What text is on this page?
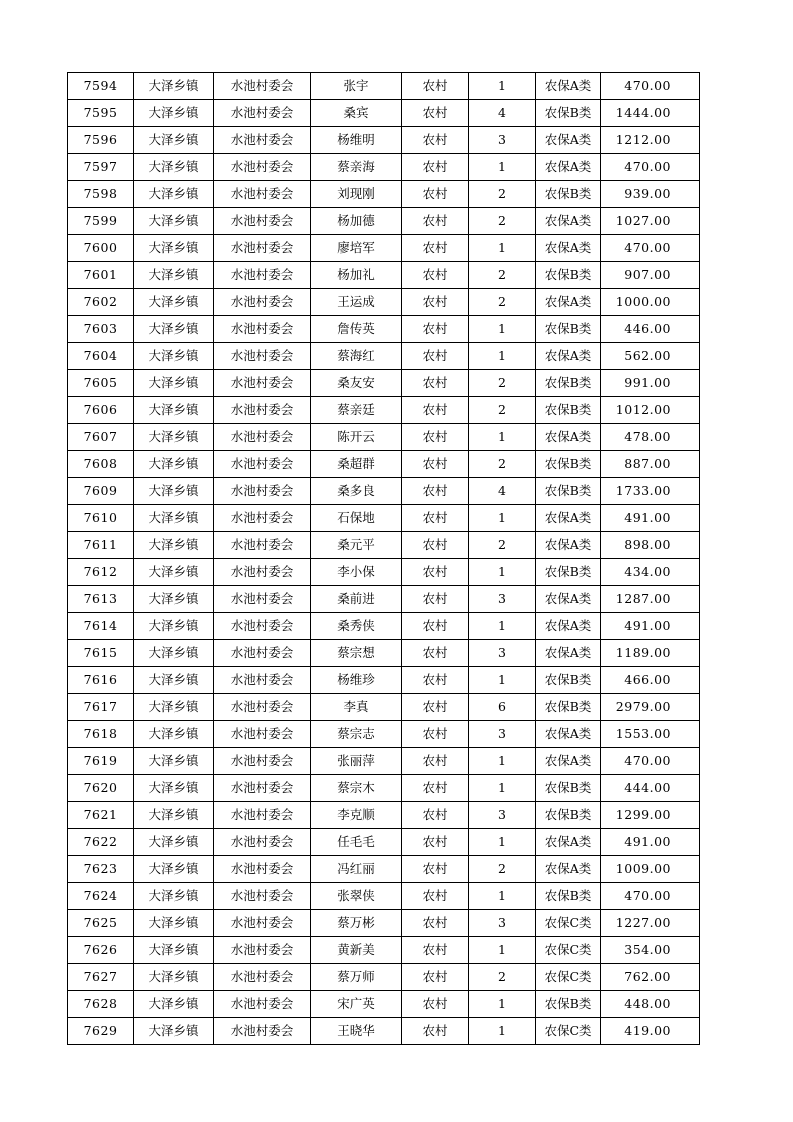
7594	大泽乡镇	水池村委会	张宇	农村	1	农保A类	470.00
7595	大泽乡镇	水池村委会	桑宾	农村	4	农保B类	1444.00
7596	大泽乡镇	水池村委会	杨维明	农村	3	农保A类	1212.00
7597	大泽乡镇	水池村委会	蔡亲海	农村	1	农保A类	470.00
7598	大泽乡镇	水池村委会	刘现刚	农村	2	农保B类	939.00
7599	大泽乡镇	水池村委会	杨加德	农村	2	农保A类	1027.00
7600	大泽乡镇	水池村委会	廖培军	农村	1	农保A类	470.00
7601	大泽乡镇	水池村委会	杨加礼	农村	2	农保B类	907.00
7602	大泽乡镇	水池村委会	王运成	农村	2	农保A类	1000.00
7603	大泽乡镇	水池村委会	詹传英	农村	1	农保B类	446.00
7604	大泽乡镇	水池村委会	蔡海红	农村	1	农保A类	562.00
7605	大泽乡镇	水池村委会	桑友安	农村	2	农保B类	991.00
7606	大泽乡镇	水池村委会	蔡亲廷	农村	2	农保B类	1012.00
7607	大泽乡镇	水池村委会	陈开云	农村	1	农保A类	478.00
7608	大泽乡镇	水池村委会	桑超群	农村	2	农保B类	887.00
7609	大泽乡镇	水池村委会	桑多良	农村	4	农保B类	1733.00
7610	大泽乡镇	水池村委会	石保地	农村	1	农保A类	491.00
7611	大泽乡镇	水池村委会	桑元平	农村	2	农保A类	898.00
7612	大泽乡镇	水池村委会	李小保	农村	1	农保B类	434.00
7613	大泽乡镇	水池村委会	桑前进	农村	3	农保A类	1287.00
7614	大泽乡镇	水池村委会	桑秀侠	农村	1	农保A类	491.00
7615	大泽乡镇	水池村委会	蔡宗想	农村	3	农保A类	1189.00
7616	大泽乡镇	水池村委会	杨维珍	农村	1	农保B类	466.00
7617	大泽乡镇	水池村委会	李真	农村	6	农保B类	2979.00
7618	大泽乡镇	水池村委会	蔡宗志	农村	3	农保A类	1553.00
7619	大泽乡镇	水池村委会	张丽萍	农村	1	农保A类	470.00
7620	大泽乡镇	水池村委会	蔡宗木	农村	1	农保B类	444.00
7621	大泽乡镇	水池村委会	李克顺	农村	3	农保B类	1299.00
7622	大泽乡镇	水池村委会	任毛毛	农村	1	农保A类	491.00
7623	大泽乡镇	水池村委会	冯红丽	农村	2	农保A类	1009.00
7624	大泽乡镇	水池村委会	张翠侠	农村	1	农保B类	470.00
7625	大泽乡镇	水池村委会	蔡万彬	农村	3	农保C类	1227.00
7626	大泽乡镇	水池村委会	黄新美	农村	1	农保C类	354.00
7627	大泽乡镇	水池村委会	蔡万师	农村	2	农保C类	762.00
7628	大泽乡镇	水池村委会	宋广英	农村	1	农保B类	448.00
7629	大泽乡镇	水池村委会	王晓华	农村	1	农保C类	419.00
